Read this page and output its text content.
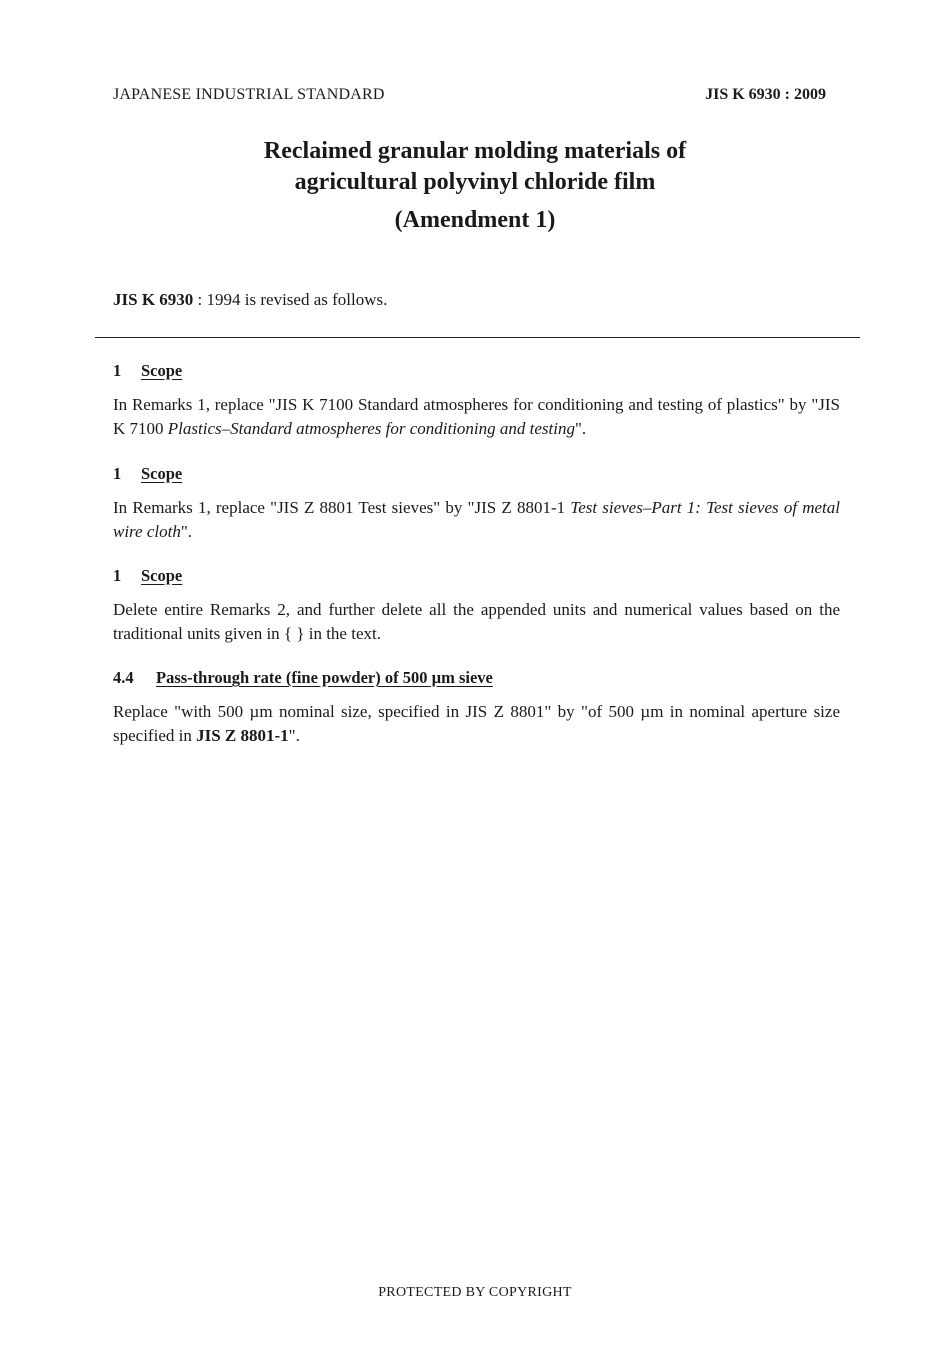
JAPANESE INDUSTRIAL STANDARD	JIS K 6930 : 2009
Reclaimed granular molding materials of
agricultural polyvinyl chloride film
(Amendment 1)
JIS K 6930 : 1994 is revised as follows.
1 Scope
In Remarks 1, replace "JIS K 7100 Standard atmospheres for conditioning and testing of plastics" by "JIS K 7100 Plastics–Standard atmospheres for conditioning and testing".
1 Scope
In Remarks 1, replace "JIS Z 8801 Test sieves" by "JIS Z 8801-1 Test sieves–Part 1: Test sieves of metal wire cloth".
1 Scope
Delete entire Remarks 2, and further delete all the appended units and numerical values based on the traditional units given in { } in the text.
4.4 Pass-through rate (fine powder) of 500 µm sieve
Replace "with 500 µm nominal size, specified in JIS Z 8801" by "of 500 µm in nominal aperture size specified in JIS Z 8801-1".
PROTECTED BY COPYRIGHT
